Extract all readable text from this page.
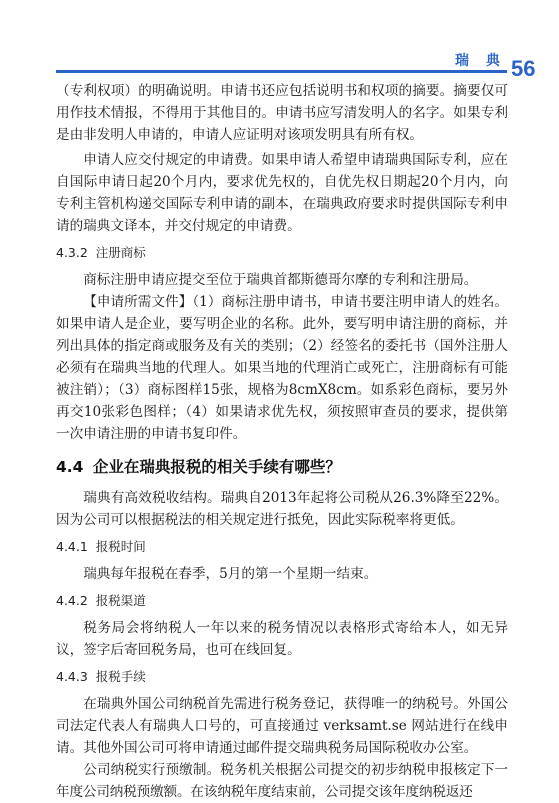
瑞 典 56

（专利权项）的明确说明。申请书还应包括说明书和权项的摘要。摘要仅可用作技术情报，不得用于其他目的。申请书应写清发明人的名字。如果专利是由非发明人申请的，申请人应证明对该项发明具有所有权。

申请人应交付规定的申请费。如果申请人希望申请瑞典国际专利，应在自国际申请日起20个月内，要求优先权的，自优先权日期起20个月内，向专利主管机构递交国际专利申请的副本，在瑞典政府要求时提供国际专利申请的瑞典文译本，并交付规定的申请费。

4.3.2 注册商标

商标注册申请应提交至位于瑞典首都斯德哥尔摩的专利和注册局。

【申请所需文件】（1）商标注册申请书，申请书要注明申请人的姓名。如果申请人是企业，要写明企业的名称。此外，要写明申请注册的商标，并列出具体的指定商或服务及有关的类别；（2）经签名的委托书（国外注册人必须有在瑞典当地的代理人。如果当地的代理消亡或死亡，注册商标有可能被注销）；（3）商标图样15张，规格为8cmX8cm。如系彩色商标，要另外再交10张彩色图样；（4）如果请求优先权，须按照审查员的要求，提供第一次申请注册的申请书复印件。

4.4 企业在瑞典报税的相关手续有哪些？

瑞典有高效税收结构。瑞典自2013年起将公司税从26.3%降至22%。因为公司可以根据税法的相关规定进行抵免，因此实际税率将更低。

4.4.1 报税时间

瑞典每年报税在春季，5月的第一个星期一结束。

4.4.2 报税渠道

税务局会将纳税人一年以来的税务情况以表格形式寄给本人，如无异议，签字后寄回税务局，也可在线回复。

4.4.3 报税手续

在瑞典外国公司纳税首先需进行税务登记，获得唯一的纳税号。外国公司法定代表人有瑞典人口号的，可直接通过 verksamt.se 网站进行在线申请。其他外国公司可将申请通过邮件提交瑞典税务局国际税收办公室。

公司纳税实行预缴制。税务机关根据公司提交的初步纳税申报核定下一年度公司纳税预缴额。在该纳税年度结束前，公司提交该年度纳税返还
